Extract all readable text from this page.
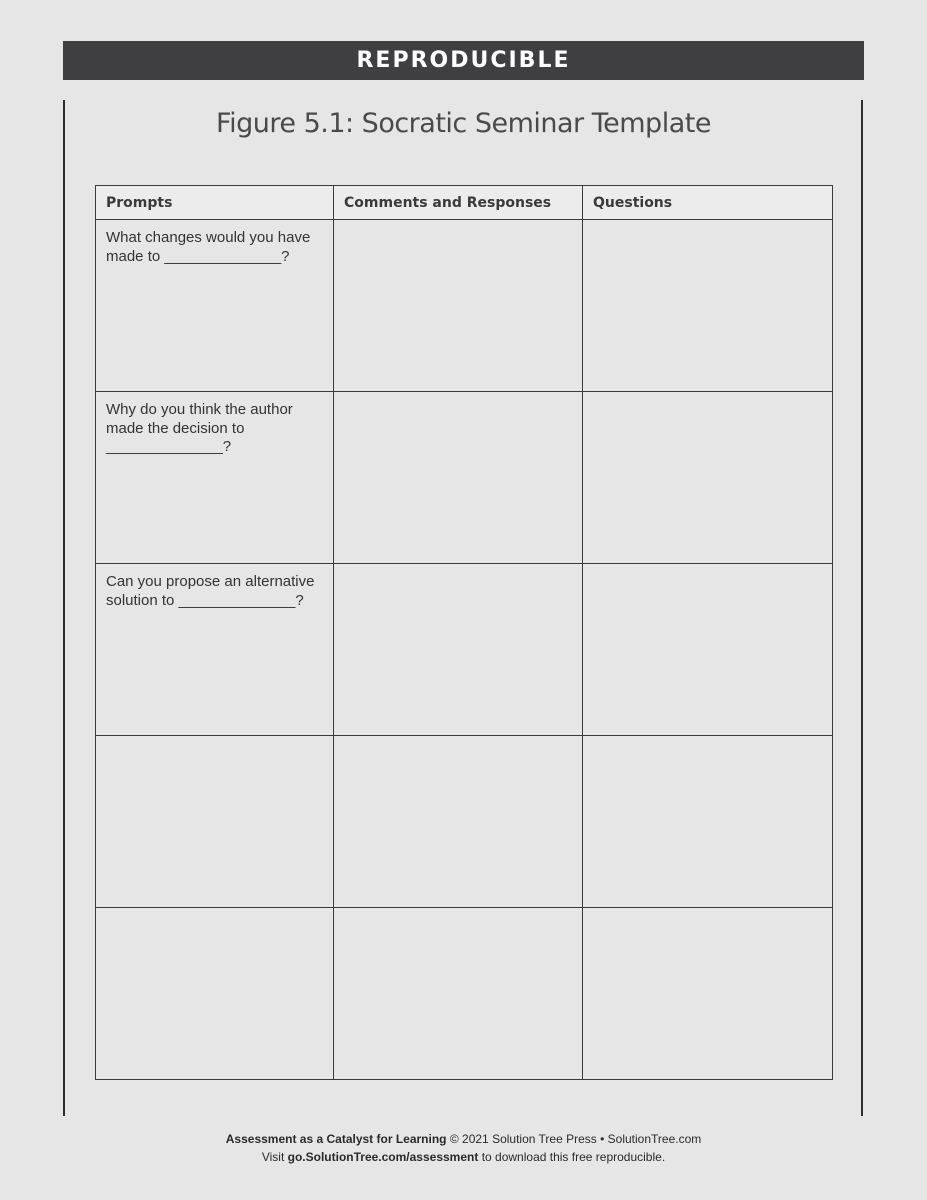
REPRODUCIBLE
Figure 5.1: Socratic Seminar Template
Prompts	Comments and Responses	Questions
What changes would you have made to ______________?		
Why do you think the author made the decision to ______________?		
Can you propose an alternative solution to ______________?		

Assessment as a Catalyst for Learning © 2021 Solution Tree Press • SolutionTree.com
Visit go.SolutionTree.com/assessment to download this free reproducible.
